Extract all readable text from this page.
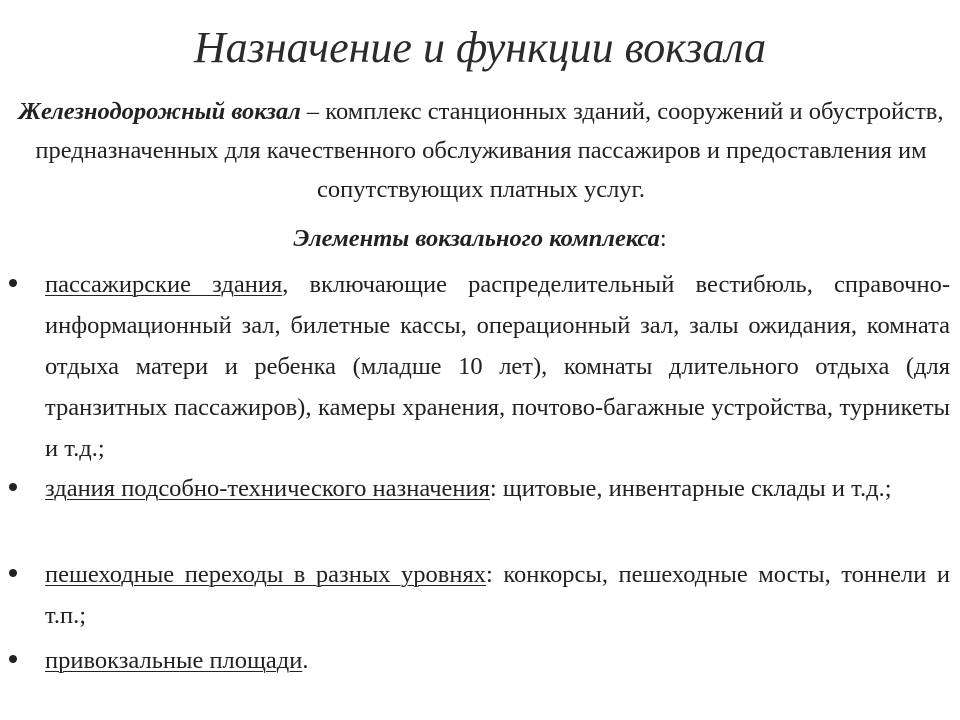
Назначение и функции вокзала
Железнодорожный вокзал – комплекс станционных зданий, сооружений и обустройств, предназначенных для качественного обслуживания пассажиров и предоставления им сопутствующих платных услуг.
Элементы вокзального комплекса:
пассажирские здания, включающие распределительный вестибюль, справочно-информационный зал, билетные кассы, операционный зал, залы ожидания, комната отдыха матери и ребенка (младше 10 лет), комнаты длительного отдыха (для транзитных пассажиров), камеры хранения, почтово-багажные устройства, турникеты и т.д.;
здания подсобно-технического назначения: щитовые, инвентарные склады и т.д.;
пешеходные переходы в разных уровнях: конкорсы, пешеходные мосты, тоннели и т.п.;
привокзальные площади.
